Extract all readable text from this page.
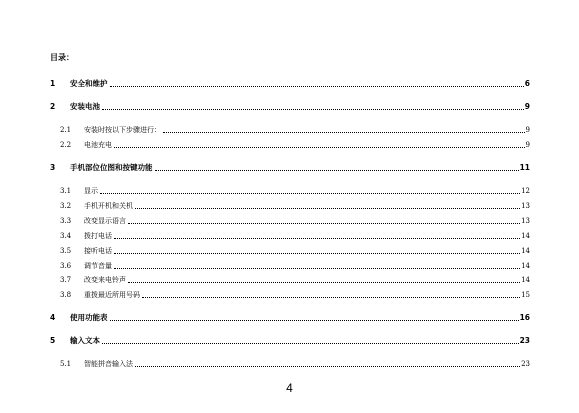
目录：
1	安全和维护	6
2	安装电池	9
2.1	安装时按以下步骤进行：	9
2.2	电池充电	9
3	手机部位位图和按键功能	11
3.1	显示	12
3.2	手机开机和关机	13
3.3	改变显示语言	13
3.4	拨打电话	14
3.5	接听电话	14
3.6	调节音量	14
3.7	改变来电铃声	14
3.8	重拨最近所用号码	15
4	使用功能表	16
5	输入文本	23
5.1	智能拼音输入法	23
4
